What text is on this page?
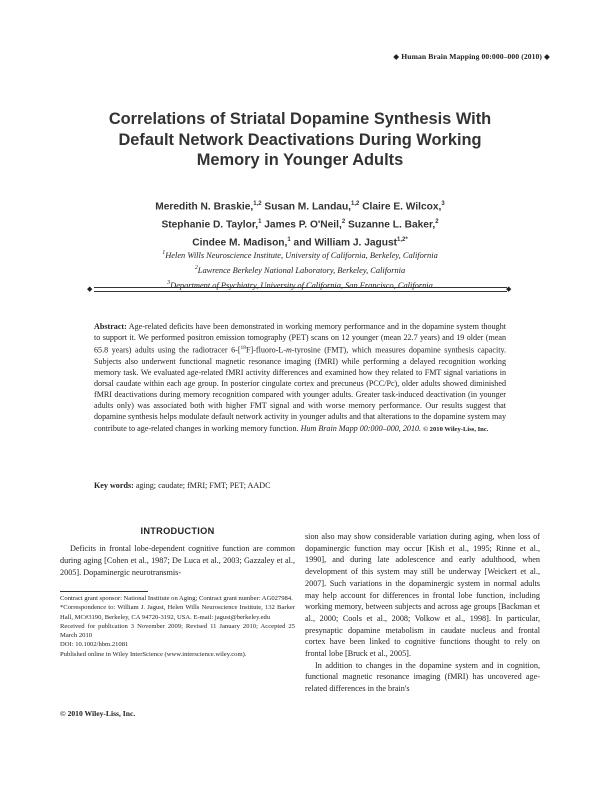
◆ Human Brain Mapping 00:000–000 (2010) ◆
Correlations of Striatal Dopamine Synthesis With
Default Network Deactivations During Working
Memory in Younger Adults
Meredith N. Braskie,$^{1,2}$ Susan M. Landau,$^{1,2}$ Claire E. Wilcox,$^3$
Stephanie D. Taylor,$^1$ James P. O'Neil,$^2$ Suzanne L. Baker,$^2$
Cindee M. Madison,$^1$ and William J. Jagust$^{1,2*}$
$^1$Helen Wills Neuroscience Institute, University of California, Berkeley, California
$^2$Lawrence Berkeley National Laboratory, Berkeley, California
$^3$Department of Psychiatry, University of California, San Francisco, California
◆	◆
Abstract: Age-related deficits have been demonstrated in working memory performance and in the dopamine system thought to support it. We performed positron emission tomography (PET) scans on 12 younger (mean 22.7 years) and 19 older (mean 65.8 years) adults using the radiotracer 6-[$^{18}$F]-fluoro-L-m-tyrosine (FMT), which measures dopamine synthesis capacity. Subjects also underwent functional magnetic resonance imaging (fMRI) while performing a delayed recognition working memory task. We evaluated age-related fMRI activity differences and examined how they related to FMT signal variations in dorsal caudate within each age group. In posterior cingulate cortex and precuneus (PCC/Pc), older adults showed diminished fMRI deactivations during memory recognition compared with younger adults. Greater task-induced deactivation (in younger adults only) was associated both with higher FMT signal and with worse memory performance. Our results suggest that dopamine synthesis helps modulate default network activity in younger adults and that alterations to the dopamine system may contribute to age-related changes in working memory function. Hum Brain Mapp 00:000–000, 2010. © 2010 Wiley-Liss, Inc.
Key words: aging; caudate; fMRI; FMT; PET; AADC
INTRODUCTION

Deficits in frontal lobe-dependent cognitive function are common during aging [Cohen et al., 1987; De Luca et al., 2003; Gazzaley et al., 2005]. Dopaminergic neurotransmis-

Contract grant sponsor: National Institute on Aging; Contract grant number: AG027984.

*Correspondence to: William J. Jagust, Helen Wills Neuroscience Institute, 132 Barker Hall, MC#3190, Berkeley, CA 94720-3192, USA. E-mail: jagust@berkeley.edu

Received for publication 3 November 2009; Revised 11 January 2010; Accepted 25 March 2010

DOI: 10.1002/hbm.21081

Published online in Wiley InterScience (www.interscience.wiley.com).

© 2010 Wiley-Liss, Inc.

sion also may show considerable variation during aging, when loss of dopaminergic function may occur [Kish et al., 1995; Rinne et al., 1990], and during late adolescence and early adulthood, when development of this system may still be underway [Weickert et al., 2007]. Such variations in the dopaminergic system in normal adults may help account for differences in frontal lobe function, including working memory, between subjects and across age groups [Backman et al., 2000; Cools et al., 2008; Volkow et al., 1998]. In particular, presynaptic dopamine metabolism in caudate nucleus and frontal cortex have been linked to cognitive functions thought to rely on frontal lobe [Bruck et al., 2005].

In addition to changes in the dopamine system and in cognition, functional magnetic resonance imaging (fMRI) has uncovered age-related differences in the brain's
